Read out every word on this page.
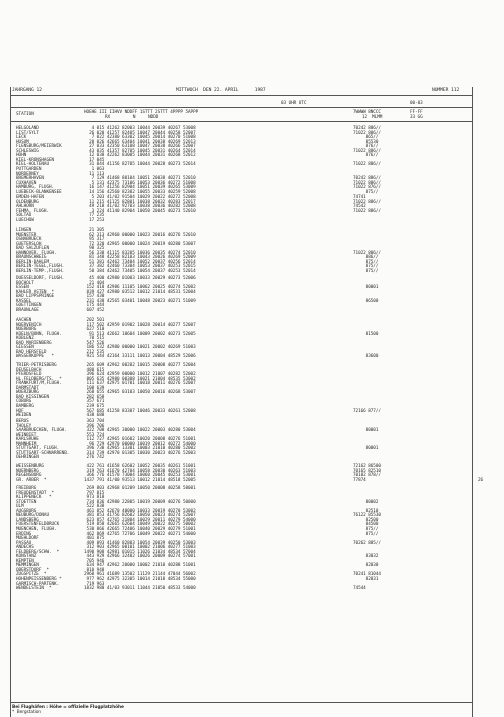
JAHRGANG 12	MITTWOCH  DEN 22. APRIL      1987	NUMMER 112
03 UHR UTC	00-03
STATION	HOEHE III IIHVV NDDFF 1STTT 2STTT 4PPPP 5APPP
RX         N     NDDD
7WWWW 8NCCC
12  MLMM
FF-FF
33 GG
HELGOLAND	4 015 41262 82003 10044 20039 40267 53008	70242 886//
LIST/SYLT	26 020 41257 82405 10047 20044 40258 52007	71022 886//
LECK	7 022 42380 63302 10045 20014 40270 51008	865//
HUSUM	28 026 42665 63404 10041 20038 40269 52013	85530
FLENSBURG/MEIERWIK	27 033 42350 63108 10047 20038 40266 52007	876//
SCHLESWIG	43 035 41357 82705 10045 20031 40264 52014	71022 886//
HOHN	12 038 42262 83005 10044 20031 40268 52012	876//
KIEL-KRONSHAGEN	17 045
KIEL-HOLTENAU	31 044 41156 82705 10044 20028 40273 52014	71022 886//
PUTTGARDEN	1 063
NORDERNEY	11 113
BREMERHAVEN	7 129 41468 80104 10051 20038 40271 52010	70242 886//
CUXHAVEN	5 131 42375 73106 10053 20036 40272 51008	71022 886//
HAMBURG, FLUGH.	16 147 41256 82904 10051 20039 40265 53009	71022 876//
LUEBECK-BLANKENSEE	14 156 42560 82302 10055 20033 40259 52008	875//
EMDEN-HAFEN	5 203 41/02 91504 10029 20022 40272 52008	74741
OLDENBURG	11 215 41125 82801 10038 20032 40283 52017	71022 886//
AHLHORN	49 218 41/02 92703 10038 20036 40282 52008	74542
FEHMA, FLUGH.	3 224 41140 82904 10050 20045 40273 52010	71022 886//
SOLTAU	77 235
LUECHOW	17 253
LINGEN	21 305
MUENSTER	62 313 42960 00000 10023 20016 40276 52010
OSNABRUECK	95 317
GUETERSLOH	72 320 42965 00000 10024 20019 40280 53007
BAD SALZUFLEN	98 325
HANNOVER, FLUGH.	56 338 41115 83205 10036 20035 40274 52010	71022 886//
BRAUNSCHWEIG	81 348 42258 82103 10043 20026 40269 52009	886//
BERLIN-DAHLEM	51 381 42462 73404 10052 20037 40256 52014	875//
BERLIN-TEGEL,FLUGH.	37 382 42460 73304 10053 20037 40253 52015	875//
BERLIN-TEMP.,FLUGH.	50 384 42462 73405 10054 20037 40253 52014	875//
DUESSELDORF, FLUGH.	45 400 42980 01003 10033 20029 40273 52006
BOCHOLT	21 404
ESSEN	152 410 42986 11105 10062 20025 40274 52002	80001
KAHLER ASTEN  *	839 427 42980 03512 10012 21014 48531 52004
BAD LIPPSPRINGE	157 430
KASSEL	231 438 42565 03401 10048 20023 40271 51009	86500
GOETTINGEN	175 444
BRAUNLAGE	607 452
AACHEN	202 501
NOERVENICH	117 502 42959 01902 10028 20014 40277 52007
NUERBURG	627 510
KOELN/BONN, FLUGH.	91 513 42662 10604 10009 20002 40273 52005	81500
KOBLENZ	70 515
BAD MARIENBERG	547 526
GIESSEN	186 532 42980 00000 10021 20002 40269 51003
BAD HERSFELD	212 535
WASSERKUPPE   *	921 544 42164 33111 10013 20004 48529 52006	83600
TRIER-PETRISBERG	265 609 42962 00202 10015 20008 40277 52004
DEUSELBACH	480 615
PFERDSFELD	396 624 42959 00000 10012 21007 40282 52002
HL.FELDBERG/TS.  *	805 635 42980 00308 10021 21004 48535 53002
FRANKFURT/M,FLUGH.	111 637 42975 01701 10018 20011 40276 52007
DARMSTADT	108 639
WUERZBURG	268 655 42965 03103 10050 20016 40268 53007
BAD KISSINGEN	282 658
COBURG	357 671
BAMBERG	239 675
HOF	567 685 41258 83307 10046 20033 40261 52008	72166 877//
WEIDEN	438 688
BERUS	363 704
THOLEY	396 706
SAARBRUECKEN, FLUGH.	322 708 42965 30000 10022 20003 40280 53004	80001
WEINBIET	553 724
KARLSRUHE	112 727 42965 01602 10020 20008 40276 51001
MANNHEIM	96 729 42970 00000 10019 20012 40272 54000
STUTTGART, FLUGH.	396 738 42965 13301 10003 21010 40280 52002	80001
STUTTGART-SCHNARRENB.	314 739 42970 01305 10030 20023 40276 52003
OEHRINGEN	276 742
WEISSENBURG	422 761 41658 62602 10052 20035 40261 51001	72162 86500
NUERNBERG	319 763 41670 42704 10058 20030 40263 51003	70165 82510
REGENSBURG	366 776 41570 73004 10060 20045 40253 53001	70182 878//
GR. ARBER  *	1437 791 41/00 93513 10012 21014 48518 52005	77874	26
FREIBURG	269 803 42968 01209 10050 20008 40258 58001
FREUDENSTADT  *	797 815
KLIPPENECK   *	973 818
STOETTEN	734 836 42980 22805 10019 20009 40276 50000	80002
ULM	522 838
AUGSBURG	461 852 42670 40000 10033 20019 40270 53002	82510
NEUBURG/DONAU	381 853 41756 82602 10050 20023 40274 52007	76122 85530
LANDSBERG	623 857 42765 21804 10029 20011 40279 54000	82500
FUERSTENFELDBRUCK	519 858 42665 62604 10049 20022 40275 50002	84500
MUENCHEN, FLUGH.	530 866 42665 72406 10040 20029 40279 51001	875//
ERDING	462 869 42765 72706 10049 20022 40271 54000	875//
MUEHLDORF	401 875
PASSAU	409 893 41460 82803 10054 20039 40250 53003	70262 885//
ANDECHS	312 903 42965 00101 10002 21006 40277 51003
FELDBERG/SCHW.  *	1490 908 42981 01015 11026 21034 48534 57004
KONSTANZ	443 929 42966 32402 10026 20009 40274 57001	83032
KEMPTEN	705 946
MEMMINGEN	634 947 42962 20000 10002 21010 40288 51001	82030
OBERSTDORF  *	810 948
ZUGSPITZE  *	2960 961 41689 13502 11129 21144 47044 56002	70241 81044
HOHENPEISSENBERG *	977 962 42975 32305 10014 21018 48534 55000	82031
GARMISCH-PARTENK.	719 963
WENDELSTEIN  *	1832 980 41/03 93011 11044 21050 48533 54000	74544
Bei Flughäfen : Höhe = offizielle Flugplatzhöhe
*  Bergstation
